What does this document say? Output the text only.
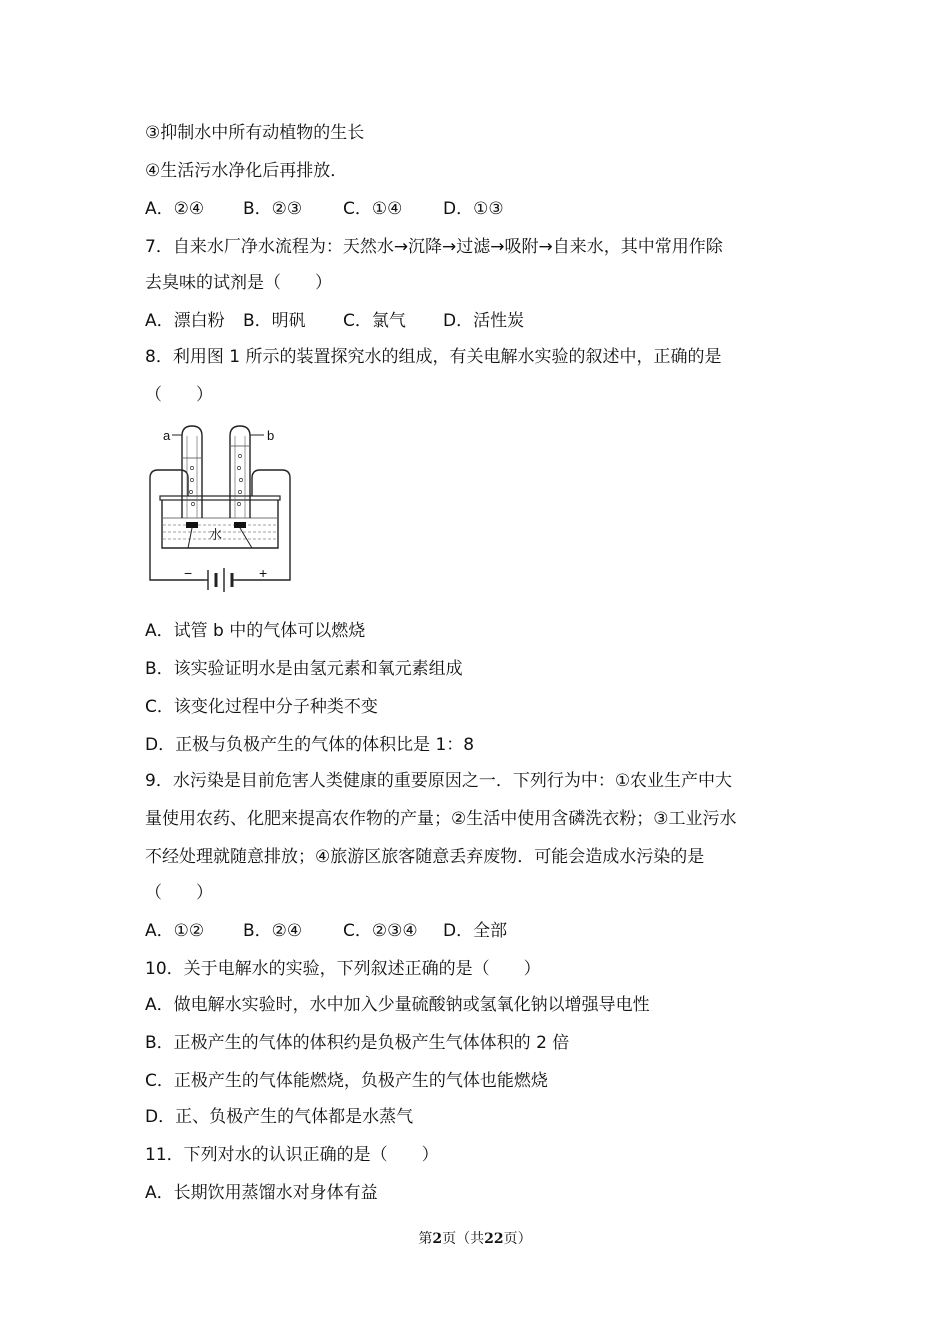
③抑制水中所有动植物的生长
④生活污水净化后再排放．

A．②④

B．②③

C．①④

D．①③

7．自来水厂净水流程为：天然水→沉降→过滤→吸附→自来水，其中常用作除
去臭味的试剂是（　　）

A．漂白粉

B．明矾

C．氯气

D．活性炭

8．利用图 1 所示的装置探究水的组成，有关电解水实验的叙述中，正确的是
（　　）
a	b
水
−	+
A．试管 b 中的气体可以燃烧
B．该实验证明水是由氢元素和氧元素组成
C．该变化过程中分子种类不变
D．正极与负极产生的气体的体积比是 1：8
9．水污染是目前危害人类健康的重要原因之一．下列行为中：①农业生产中大
量使用农药、化肥来提高农作物的产量；②生活中使用含磷洗衣粉；③工业污水
不经处理就随意排放；④旅游区旅客随意丢弃废物．可能会造成水污染的是
（　　）

A．①②

B．②④

C．②③④

D．全部

10．关于电解水的实验，下列叙述正确的是（　　）
A．做电解水实验时，水中加入少量硫酸钠或氢氧化钠以增强导电性
B．正极产生的气体的体积约是负极产生气体体积的 2 倍
C．正极产生的气体能燃烧，负极产生的气体也能燃烧
D．正、负极产生的气体都是水蒸气
11．下列对水的认识正确的是（　　）
A．长期饮用蒸馏水对身体有益
第2页（共22页）
